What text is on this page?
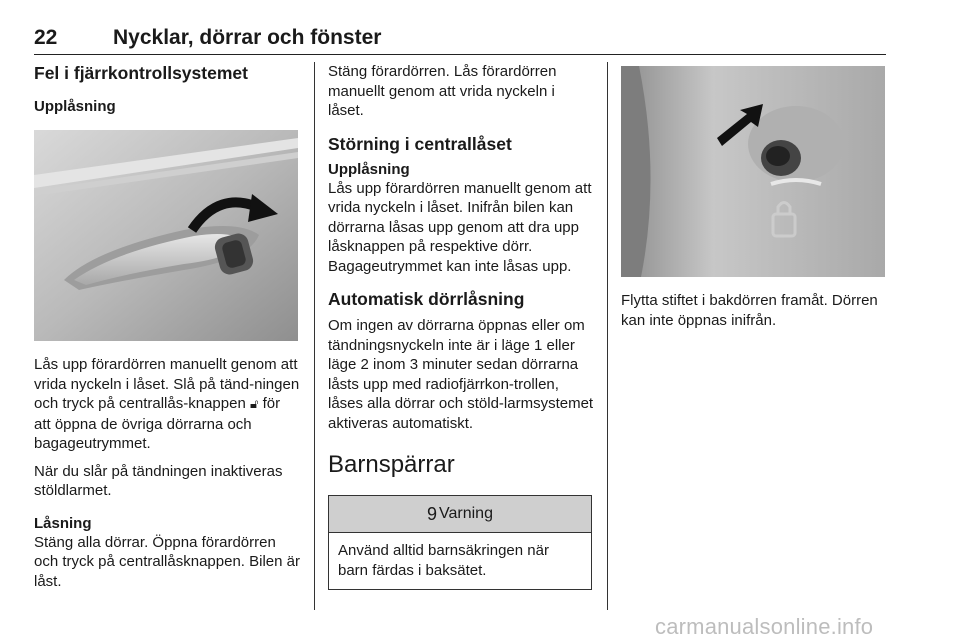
22	Nycklar, dörrar och fönster
Fel i fjärrkontrollsystemet
Upplåsning

Lås upp förardörren manuellt genom att vrida nyckeln i låset. Slå på tänd-ningen och tryck på centrallås-knappen 🔓︎ för att öppna de övriga dörrarna och bagageutrymmet.

När du slår på tändningen inaktiveras stöldlarmet.

Låsning

Stäng alla dörrar. Öppna förardörren och tryck på centrallåsknappen. Bilen är låst.

Stäng förardörren. Lås förardörren manuellt genom att vrida nyckeln i låset.

Störning i centrallåset
Upplåsning

Lås upp förardörren manuellt genom att vrida nyckeln i låset. Inifrån bilen kan dörrarna låsas upp genom att dra upp låsknappen på respektive dörr. Bagageutrymmet kan inte låsas upp.

Automatisk dörrlåsning

Om ingen av dörrarna öppnas eller om tändningsnyckeln inte är i läge 1 eller läge 2 inom 3 minuter sedan dörrarna låsts upp med radiofjärrkon-trollen, låses alla dörrar och stöld-larmsystemet aktiveras automatiskt.

Barnspärrar
9 Varning
Använd alltid barnsäkringen när barn färdas i baksätet.

Flytta stiftet i bakdörren framåt. Dörren kan inte öppnas inifrån.

carmanualsonline.info
